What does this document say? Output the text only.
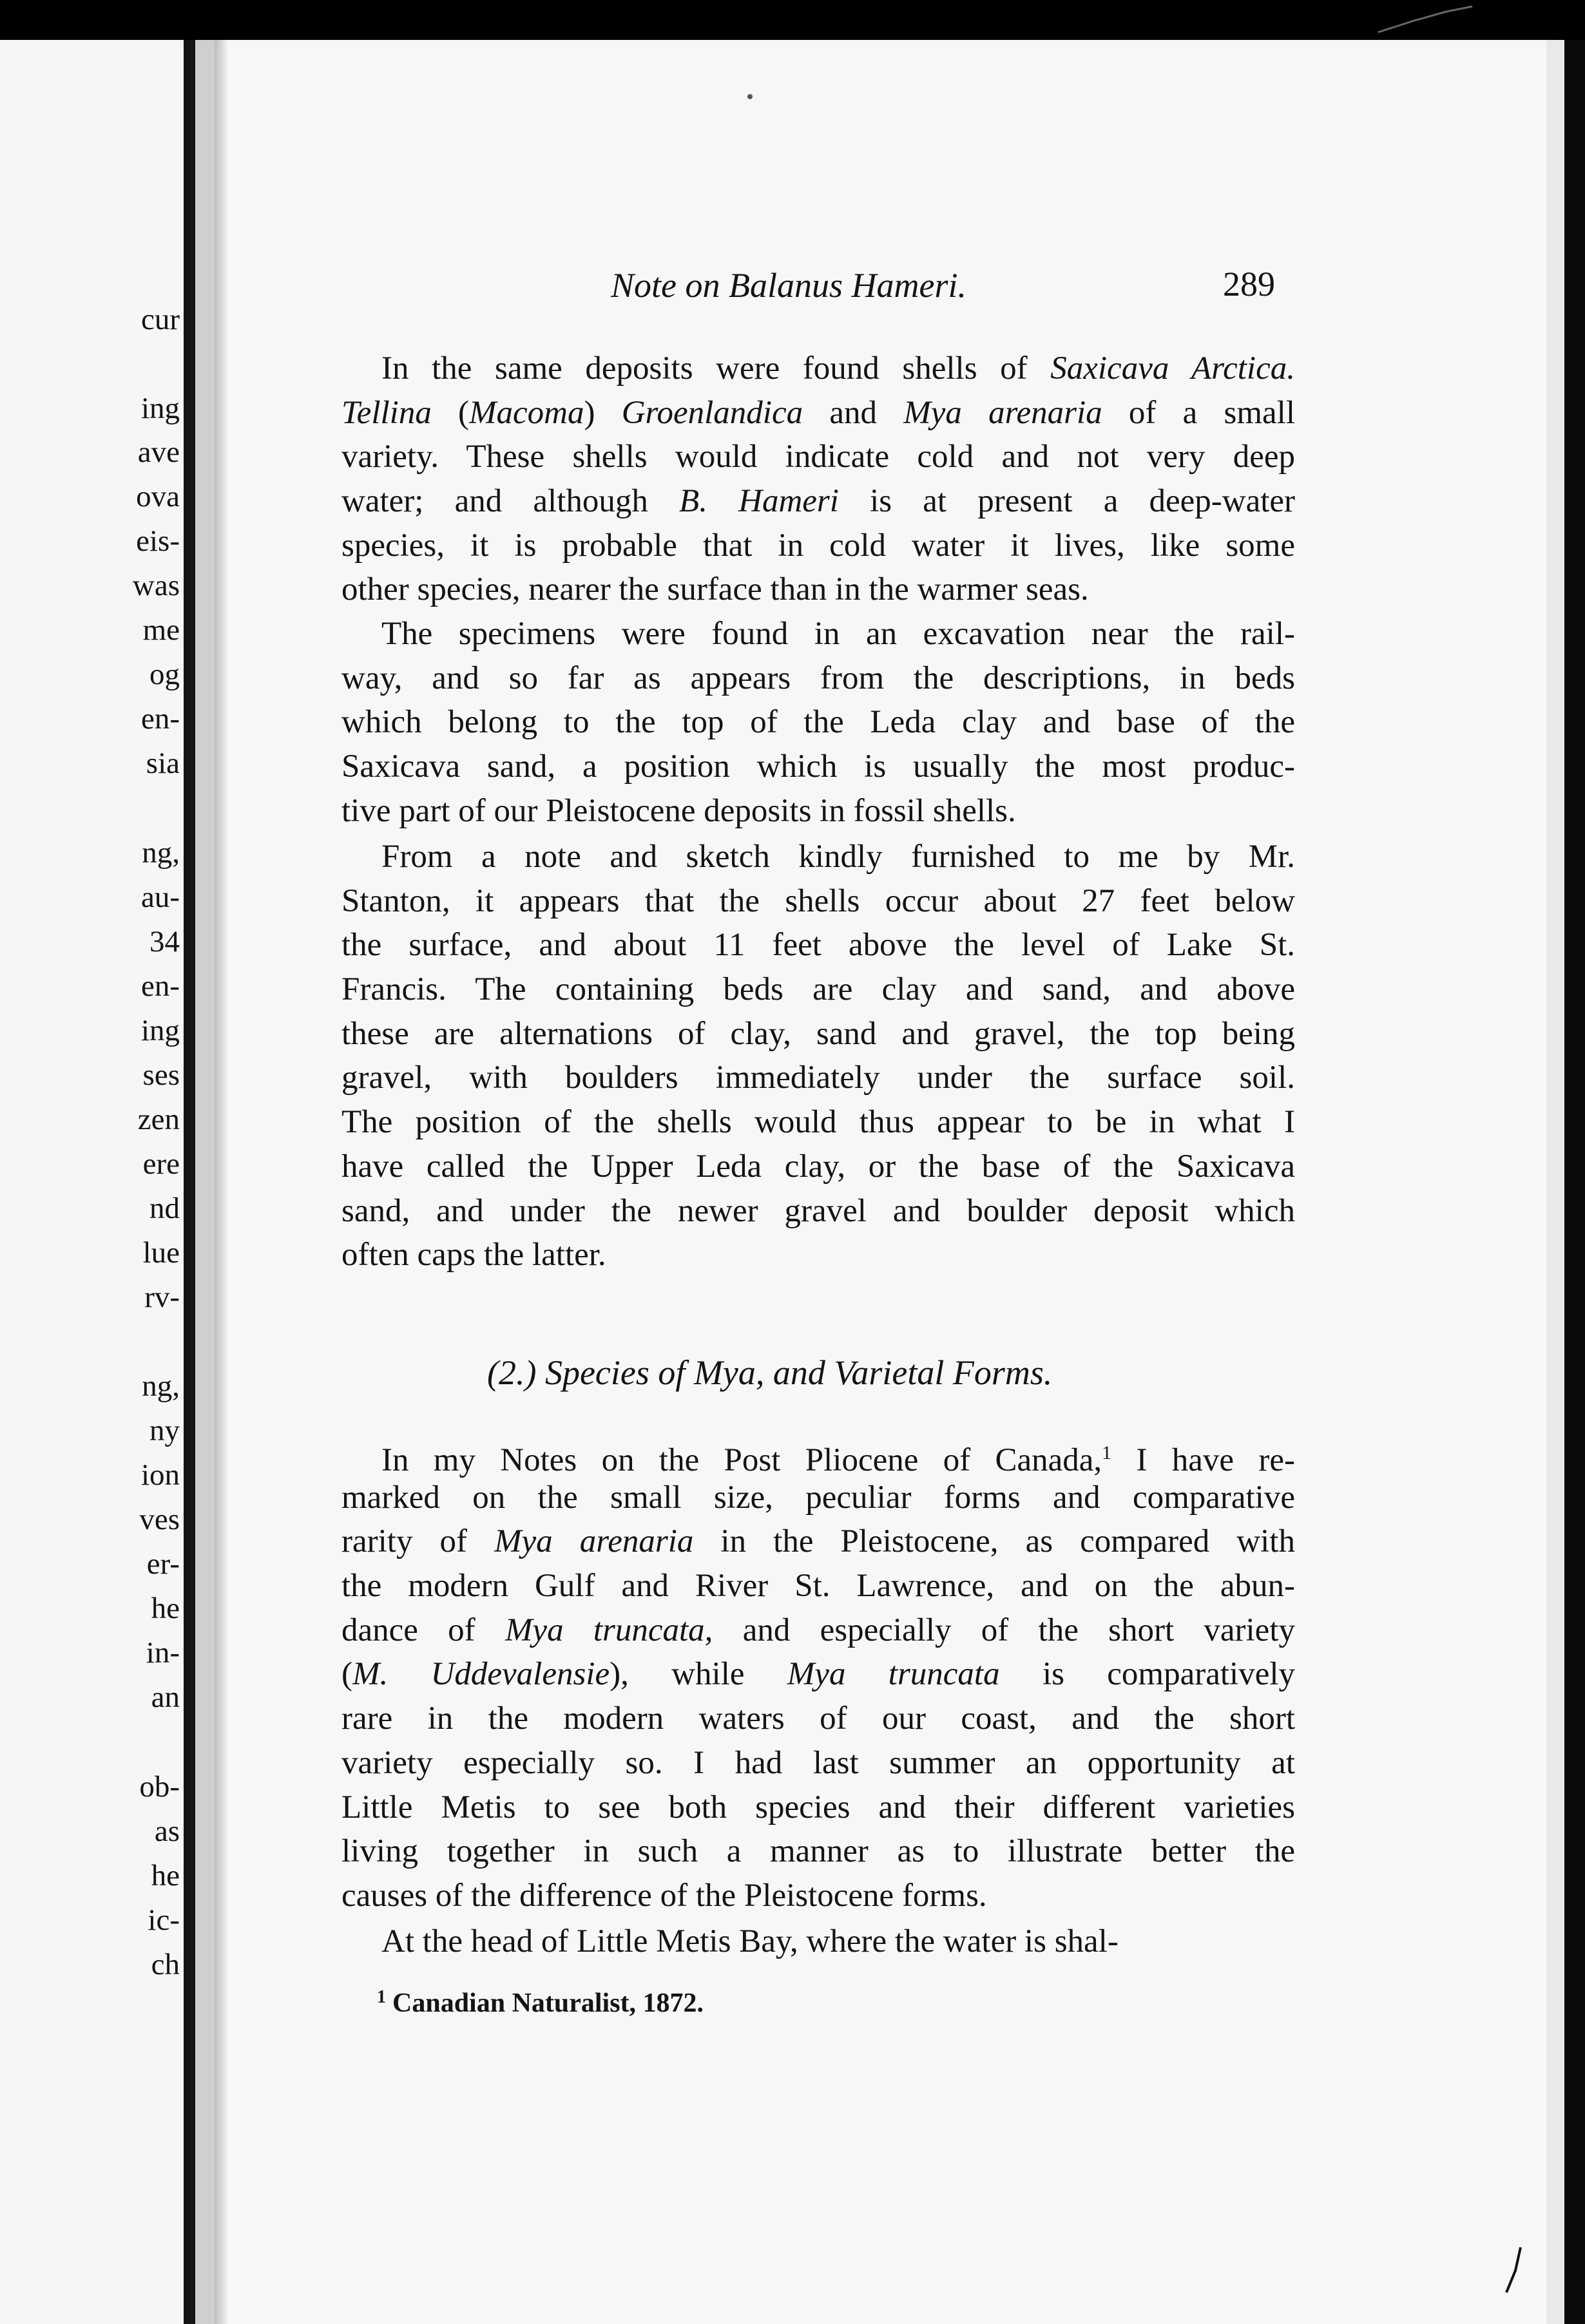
cur
ing
ave
ova
eis-
was
me
og
en-
sia
ng,
au-
34
en-
ing
ses
zen
ere
nd
lue
rv-
ng,
ny
ion
ves
er-
he
in-
an
ob-
as
he
ic-
ch
Note on Balanus Hameri.	289
In the same deposits were found shells of Saxicava Arctica.
Tellina (Macoma) Groenlandica and Mya arenaria of a small
variety. These shells would indicate cold and not very deep
water; and although B. Hameri is at present a deep-water
species, it is probable that in cold water it lives, like some
other species, nearer the surface than in the warmer seas.
The specimens were found in an excavation near the rail-
way, and so far as appears from the descriptions, in beds
which belong to the top of the Leda clay and base of the
Saxicava sand, a position which is usually the most produc-
tive part of our Pleistocene deposits in fossil shells.
From a note and sketch kindly furnished to me by Mr.
Stanton, it appears that the shells occur about 27 feet below
the surface, and about 11 feet above the level of Lake St.
Francis. The containing beds are clay and sand, and above
these are alternations of clay, sand and gravel, the top being
gravel, with boulders immediately under the surface soil.
The position of the shells would thus appear to be in what I
have called the Upper Leda clay, or the base of the Saxicava
sand, and under the newer gravel and boulder deposit which
often caps the latter.
(2.) Species of Mya, and Varietal Forms.
In my Notes on the Post Pliocene of Canada,$^1$ I have re-
marked on the small size, peculiar forms and comparative
rarity of Mya arenaria in the Pleistocene, as compared with
the modern Gulf and River St. Lawrence, and on the abun-
dance of Mya truncata, and especially of the short variety
(M. Uddevalensie), while Mya truncata is comparatively
rare in the modern waters of our coast, and the short
variety especially so. I had last summer an opportunity at
Little Metis to see both species and their different varieties
living together in such a manner as to illustrate better the
causes of the difference of the Pleistocene forms.
At the head of Little Metis Bay, where the water is shal-
$^1$ Canadian Naturalist, 1872.
